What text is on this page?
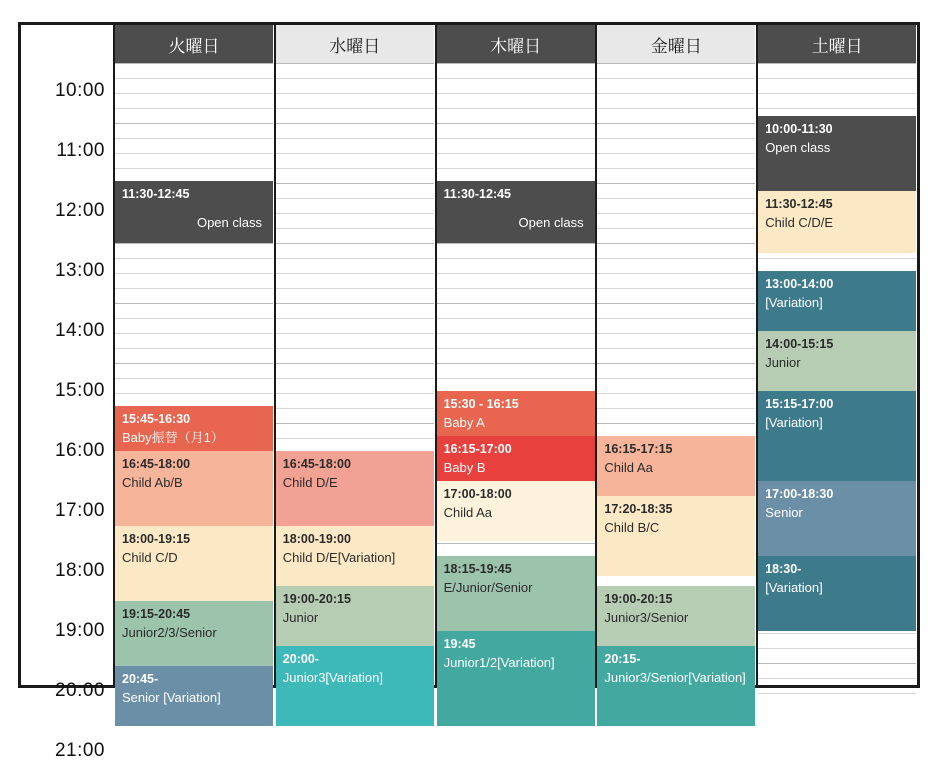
10:00
11:00
12:00
13:00
14:00
15:00
16:00
17:00
18:00
19:00
20:00
21:00
火曜日
11:30-12:45
Open class
15:45-16:30
Baby振替（月1）
16:45-18:00
Child Ab/B
18:00-19:15
Child C/D
19:15-20:45
Junior2/3/Senior
20:45-
Senior [Variation]
水曜日
16:45-18:00
Child D/E
18:00-19:00
Child D/E[Variation]
19:00-20:15
Junior
20:00-
Junior3[Variation]
木曜日
11:30-12:45
Open class
15:30 - 16:15
Baby A
16:15-17:00
Baby B
17:00-18:00
Child Aa
18:15-19:45
E/Junior/Senior
19:45
Junior1/2[Variation]
金曜日
16:15-17:15
Child Aa
17:20-18:35
Child B/C
19:00-20:15
Junior3/Senior
20:15-
Junior3/Senior[Variation]
土曜日
10:00-11:30
Open class
11:30-12:45
Child C/D/E
13:00-14:00
[Variation]
14:00-15:15
Junior
15:15-17:00
[Variation]
17:00-18:30
Senior
18:30-
[Variation]
